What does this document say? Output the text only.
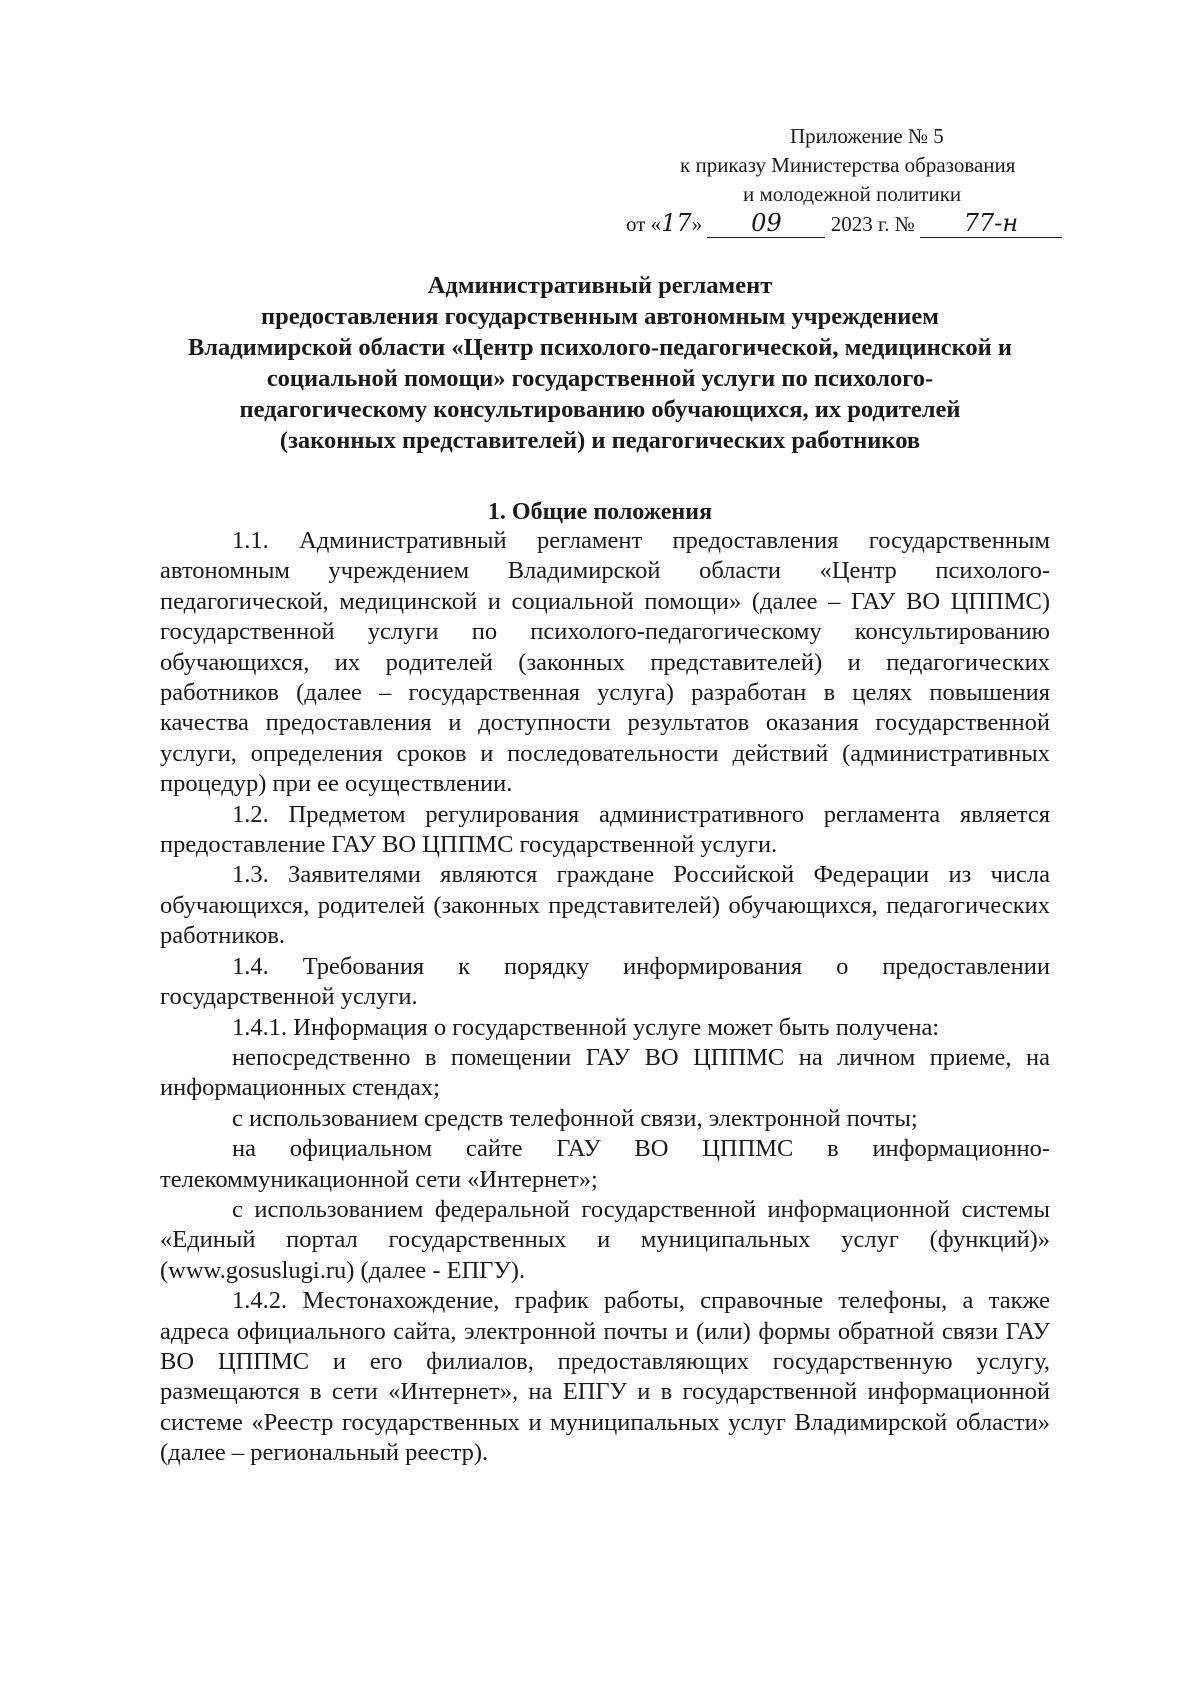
Приложение № 5
к приказу Министерства образования
и молодежной политики
от «17» 09 2023 г. № 77-н
Административный регламент
предоставления государственным автономным учреждением
Владимирской области «Центр психолого-педагогической, медицинской и
социальной помощи» государственной услуги по психолого-
педагогическому консультированию обучающихся, их родителей
(законных представителей) и педагогических работников
1. Общие положения

1.1. Административный регламент предоставления государственным автономным учреждением Владимирской области «Центр психолого-педагогической, медицинской и социальной помощи» (далее – ГАУ ВО ЦППМС) государственной услуги по психолого-педагогическому консультированию обучающихся, их родителей (законных представителей) и педагогических работников (далее – государственная услуга) разработан в целях повышения качества предоставления и доступности результатов оказания государственной услуги, определения сроков и последовательности действий (административных процедур) при ее осуществлении.

1.2. Предметом регулирования административного регламента является предоставление ГАУ ВО ЦППМС государственной услуги.

1.3. Заявителями являются граждане Российской Федерации из числа обучающихся, родителей (законных представителей) обучающихся, педагогических работников.

1.4. Требования к порядку информирования о предоставлении государственной услуги.

1.4.1. Информация о государственной услуге может быть получена:

непосредственно в помещении ГАУ ВО ЦППМС на личном приеме, на информационных стендах;

с использованием средств телефонной связи, электронной почты;

на официальном сайте ГАУ ВО ЦППМС в информационно-телекоммуникационной сети «Интернет»;

с использованием федеральной государственной информационной системы «Единый портал государственных и муниципальных услуг (функций)» (www.gosuslugi.ru) (далее - ЕПГУ).

1.4.2. Местонахождение, график работы, справочные телефоны, а также адреса официального сайта, электронной почты и (или) формы обратной связи ГАУ ВО ЦППМС и его филиалов, предоставляющих государственную услугу, размещаются в сети «Интернет», на ЕПГУ и в государственной информационной системе «Реестр государственных и муниципальных услуг Владимирской области» (далее – региональный реестр).
